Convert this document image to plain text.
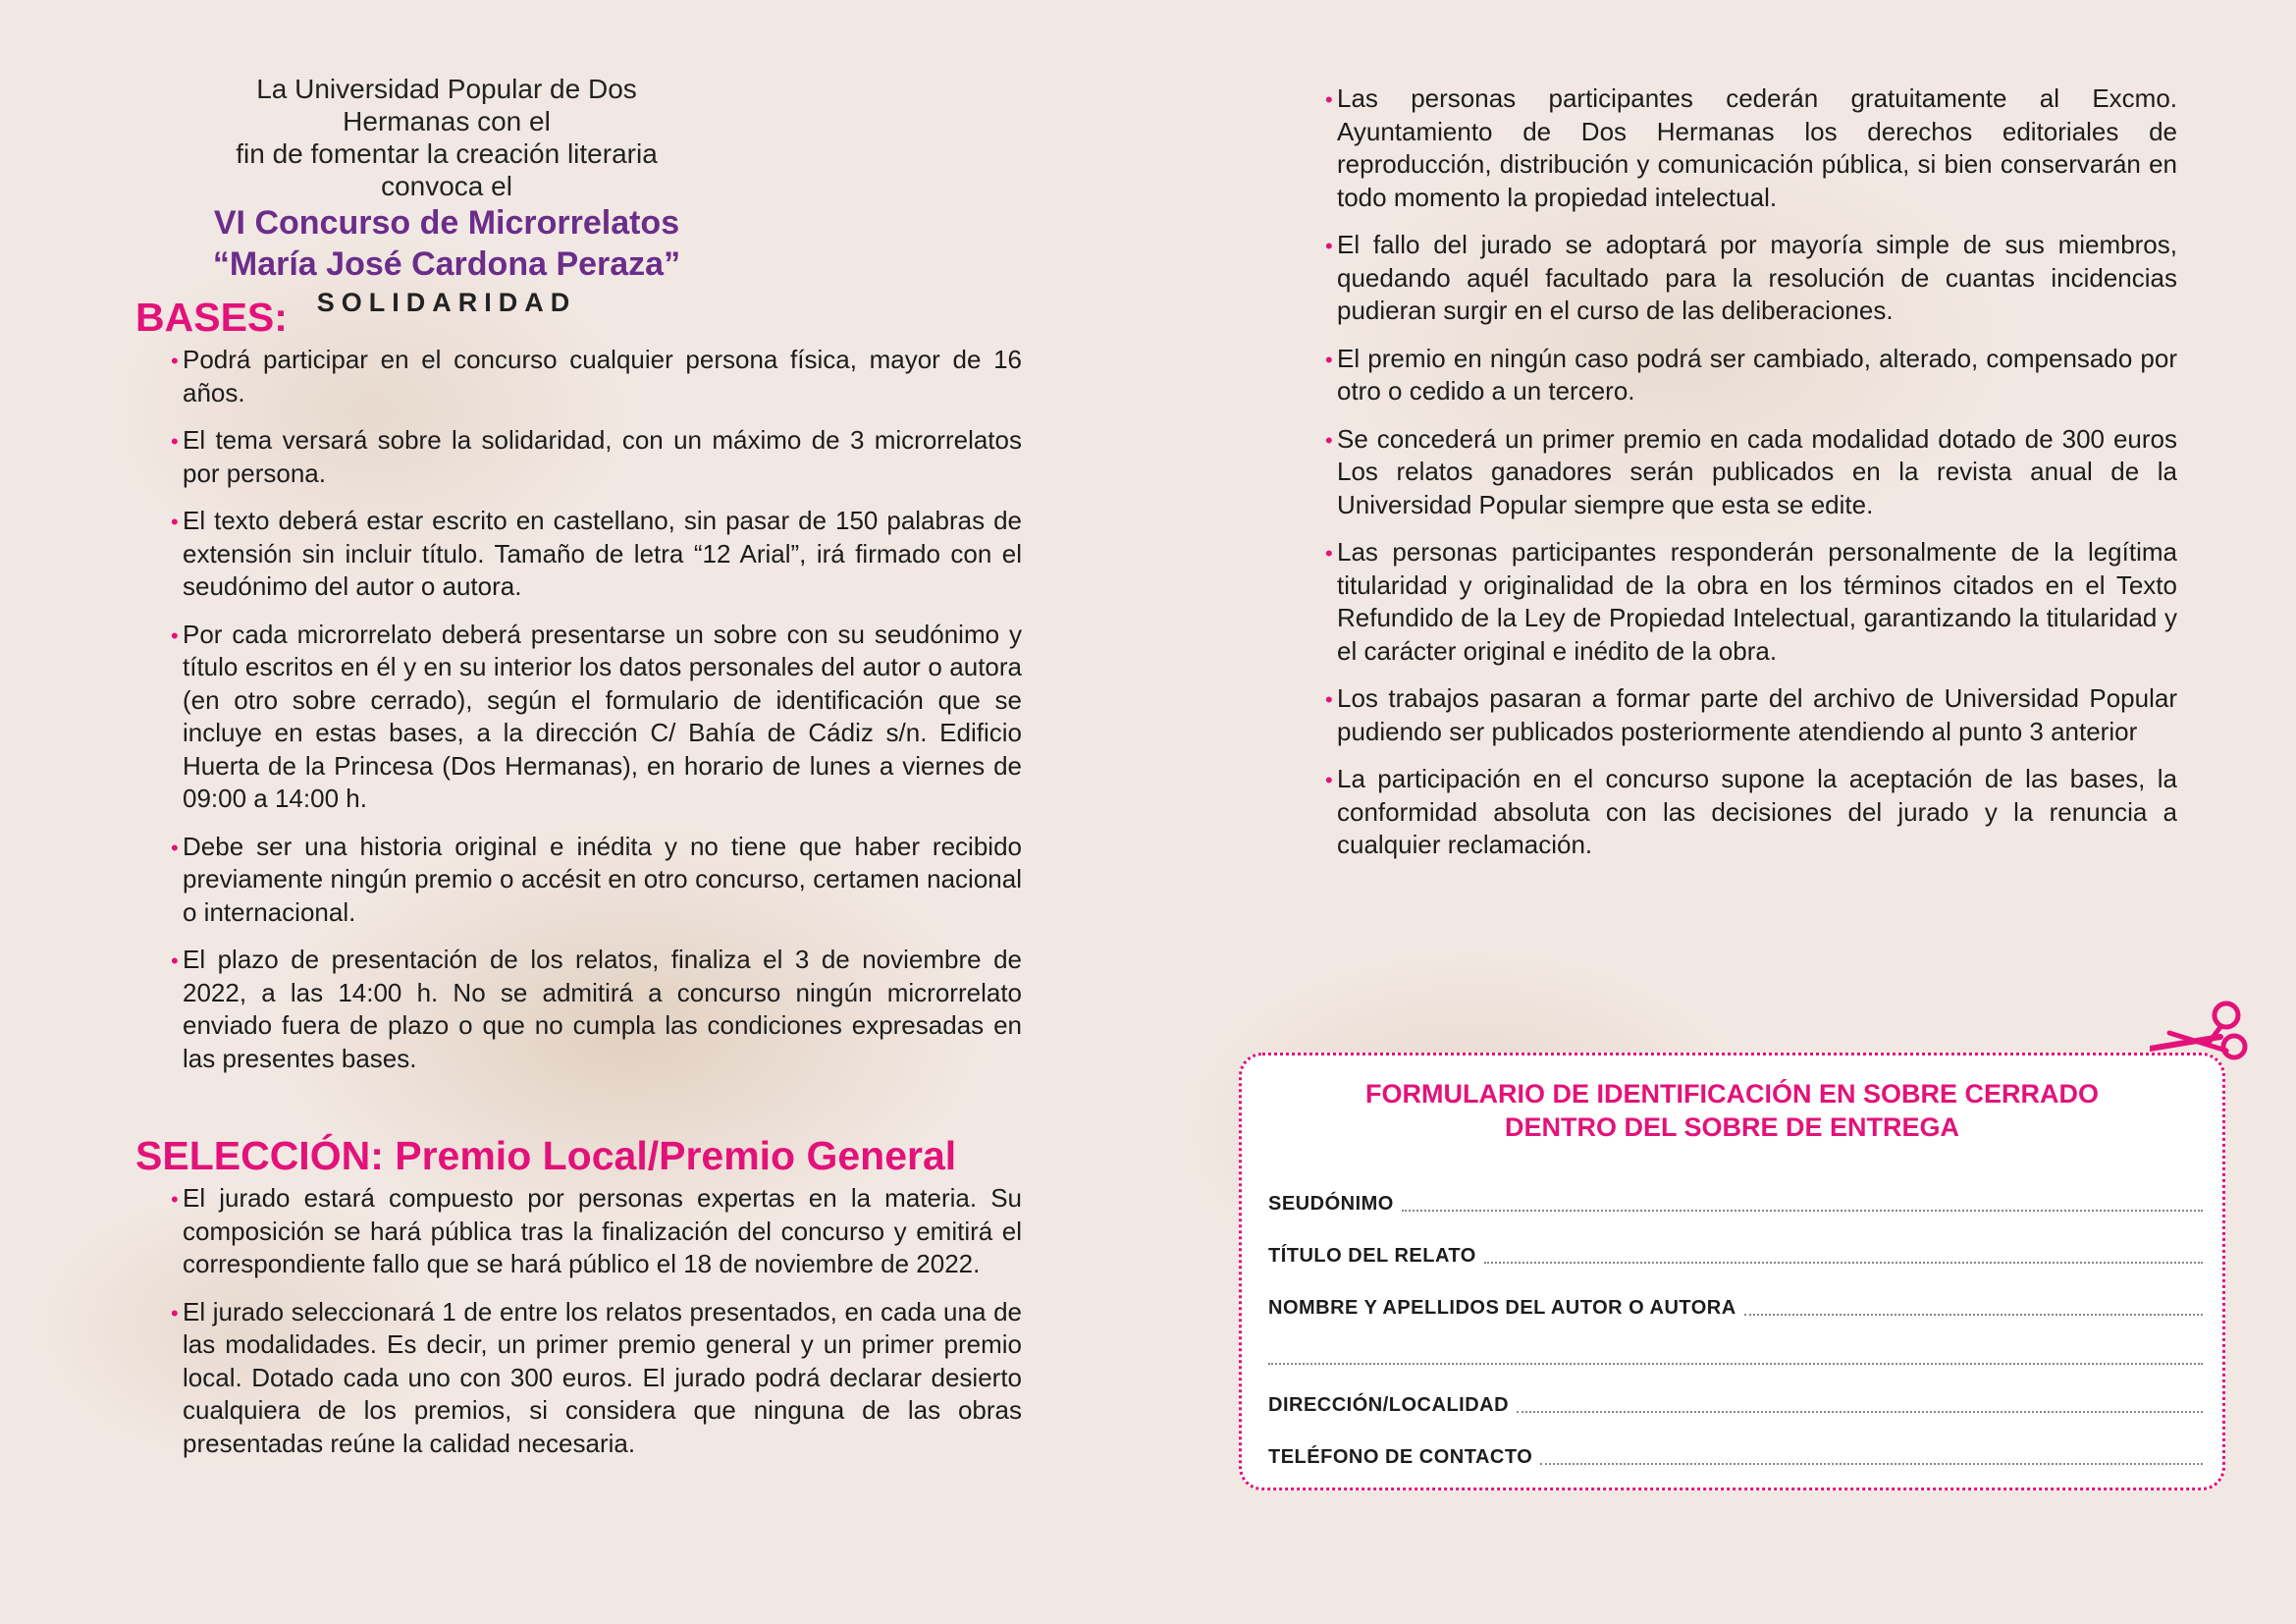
La Universidad Popular de Dos Hermanas con el
fin de fomentar la creación literaria convoca el
VI Concurso de Microrrelatos
“María José Cardona Peraza”
SOLIDARIDAD
BASES:
• Podrá participar en el concurso cualquier persona física, mayor de 16 años.
• El tema versará sobre la solidaridad, con un máximo de 3 microrrelatos por persona.
• El texto deberá estar escrito en castellano, sin pasar de 150 palabras de extensión sin incluir título. Tamaño de letra “12 Arial”, irá firmado con el seudónimo del autor o autora.
• Por cada microrrelato deberá presentarse un sobre con su seudónimo y título escritos en él y en su interior los datos personales del autor o autora (en otro sobre cerrado), según el formulario de identificación que se incluye en estas bases, a la dirección C/ Bahía de Cádiz s/n. Edificio Huerta de la Princesa (Dos Hermanas), en horario de lunes a viernes de 09:00 a 14:00 h.
• Debe ser una historia original e inédita y no tiene que haber recibido previamente ningún premio o accésit en otro concurso, certamen nacional o internacional.
• El plazo de presentación de los relatos, finaliza el 3 de noviembre de 2022, a las 14:00 h. No se admitirá a concurso ningún microrrelato enviado fuera de plazo o que no cumpla las condiciones expresadas en las presentes bases.
SELECCIÓN: Premio Local/Premio General
• El jurado estará compuesto por personas expertas en la materia. Su composición se hará pública tras la finalización del concurso y emitirá el correspondiente fallo que se hará público el 18 de noviembre de 2022.
• El jurado seleccionará 1 de entre los relatos presentados, en cada una de las modalidades. Es decir, un primer premio general y un primer premio local. Dotado cada uno con 300 euros. El jurado podrá declarar desierto cualquiera de los premios, si considera que ninguna de las obras presentadas reúne la calidad necesaria.
• Las personas participantes cederán gratuitamente al Excmo. Ayuntamiento de Dos Hermanas los derechos editoriales de reproducción, distribución y comunicación pública, si bien conservarán en todo momento la propiedad intelectual.
• El fallo del jurado se adoptará por mayoría simple de sus miembros, quedando aquél facultado para la resolución de cuantas incidencias pudieran surgir en el curso de las deliberaciones.
• El premio en ningún caso podrá ser cambiado, alterado, compensado por otro o cedido a un tercero.
• Se concederá un primer premio en cada modalidad dotado de 300 euros Los relatos ganadores serán publicados en la revista anual de la Universidad Popular siempre que esta se edite.
• Las personas participantes responderán personalmente de la legítima titularidad y originalidad de la obra en los términos citados en el Texto Refundido de la Ley de Propiedad Intelectual, garantizando la titularidad y el carácter original e inédito de la obra.
• Los trabajos pasaran a formar parte del archivo de Universidad Popular pudiendo ser publicados posteriormente atendiendo al punto 3 anterior
• La participación en el concurso supone la aceptación de las bases, la conformidad absoluta con las decisiones del jurado y la renuncia a cualquier reclamación.
FORMULARIO DE IDENTIFICACIÓN EN SOBRE CERRADO
DENTRO DEL SOBRE DE ENTREGA
SEUDÓNIMO
TÍTULO DEL RELATO
NOMBRE Y APELLIDOS DEL AUTOR O AUTORA
DIRECCIÓN/LOCALIDAD
TELÉFONO DE CONTACTO
